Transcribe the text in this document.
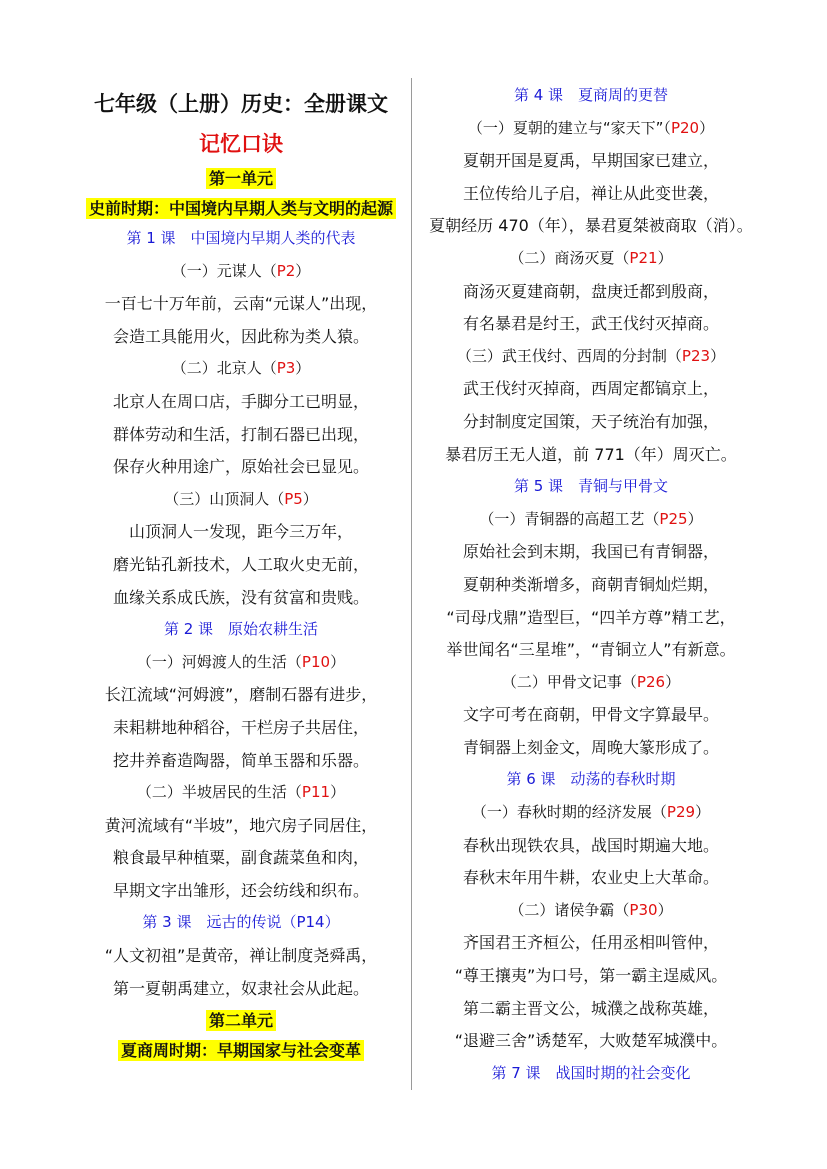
七年级（上册）历史：全册课文
记忆口诀
第一单元
史前时期：中国境内早期人类与文明的起源
第 1 课　中国境内早期人类的代表
（一）元谋人（P2）
一百七十万年前，云南“元谋人”出现，
会造工具能用火，因此称为类人猿。
（二）北京人（P3）
北京人在周口店，手脚分工已明显，
群体劳动和生活，打制石器已出现，
保存火种用途广，原始社会已显见。
（三）山顶洞人（P5）
山顶洞人一发现，距今三万年，
磨光钻孔新技术，人工取火史无前，
血缘关系成氏族，没有贫富和贵贱。
第 2 课　原始农耕生活
（一）河姆渡人的生活（P10）
长江流域“河姆渡”，磨制石器有进步，
耒耜耕地种稻谷，干栏房子共居住，
挖井养畜造陶器，简单玉器和乐器。
（二）半坡居民的生活（P11）
黄河流域有“半坡”，地穴房子同居住，
粮食最早种植粟，副食蔬菜鱼和肉，
早期文字出雏形，还会纺线和织布。
第 3 课　远古的传说（P14）
“人文初祖”是黄帝，禅让制度尧舜禹，
第一夏朝禹建立，奴隶社会从此起。
第二单元
夏商周时期：早期国家与社会变革
第 4 课　夏商周的更替
（一）夏朝的建立与“家天下”（P20）
夏朝开国是夏禹，早期国家已建立，
王位传给儿子启，禅让从此变世袭，
夏朝经历 470（年），暴君夏桀被商取（消）。
（二）商汤灭夏（P21）
商汤灭夏建商朝，盘庚迁都到殷商，
有名暴君是纣王，武王伐纣灭掉商。
（三）武王伐纣、西周的分封制（P23）
武王伐纣灭掉商，西周定都镐京上，
分封制度定国策，天子统治有加强，
暴君厉王无人道，前 771（年）周灭亡。
第 5 课　青铜与甲骨文
（一）青铜器的高超工艺（P25）
原始社会到末期，我国已有青铜器，
夏朝种类渐增多，商朝青铜灿烂期，
“司母戊鼎”造型巨，“四羊方尊”精工艺，
举世闻名“三星堆”，“青铜立人”有新意。
（二）甲骨文记事（P26）
文字可考在商朝，甲骨文字算最早。
青铜器上刻金文，周晚大篆形成了。
第 6 课　动荡的春秋时期
（一）春秋时期的经济发展（P29）
春秋出现铁农具，战国时期遍大地。
春秋末年用牛耕，农业史上大革命。
（二）诸侯争霸（P30）
齐国君王齐桓公，任用丞相叫管仲，
“尊王攘夷”为口号，第一霸主逞威风。
第二霸主晋文公，城濮之战称英雄，
“退避三舍”诱楚军，大败楚军城濮中。
第 7 课　战国时期的社会变化
